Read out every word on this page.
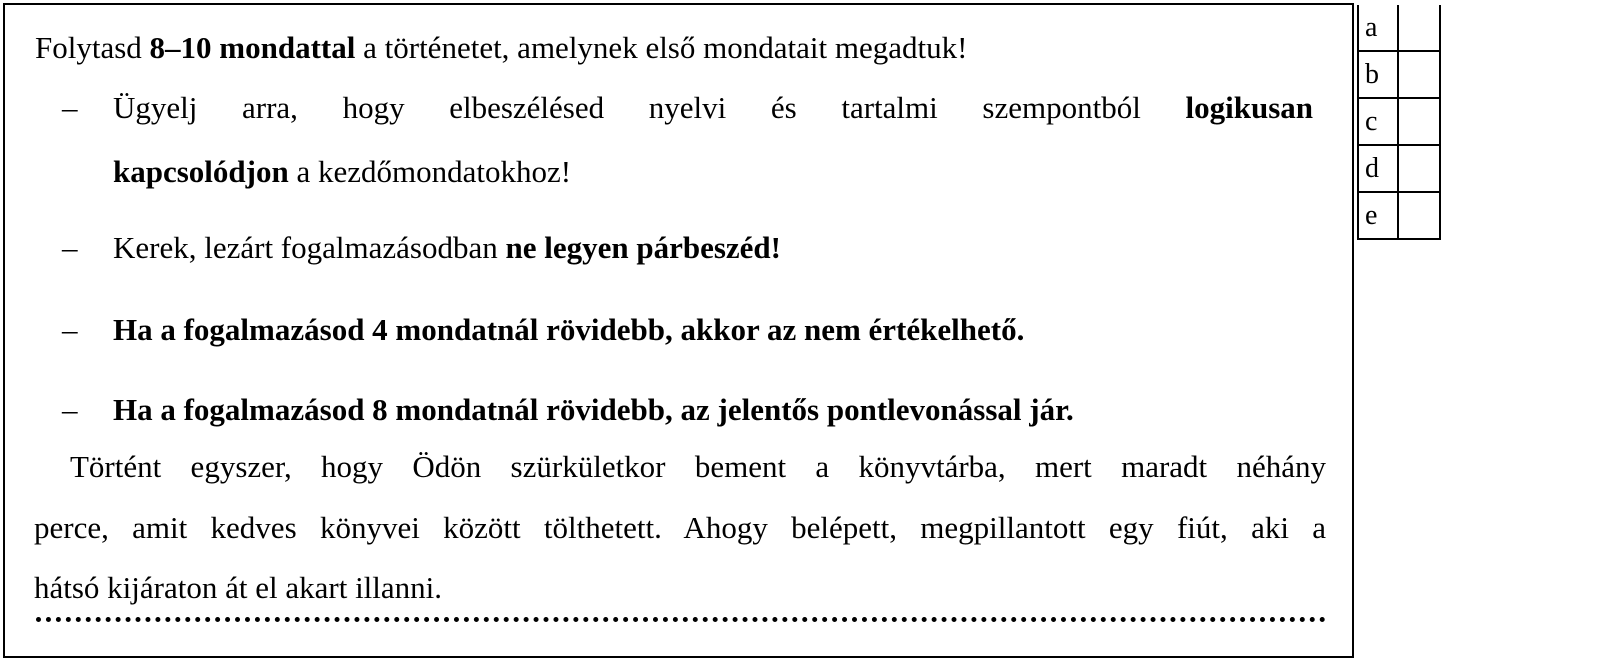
Folytasd 8–10 mondattal a történetet, amelynek első mondatait megadtuk!
– Ügyelj arra, hogy elbeszélésed nyelvi és tartalmi szempontból logikusan
kapcsolódjon a kezdőmondatokhoz!
– Kerek, lezárt fogalmazásodban ne legyen párbeszéd!
– Ha a fogalmazásod 4 mondatnál rövidebb, akkor az nem értékelhető.
– Ha a fogalmazásod 8 mondatnál rövidebb, az jelentős pontlevonással jár.
Történt egyszer, hogy Ödön szürkületkor bement a könyvtárba, mert maradt néhány
perce, amit kedves könyvei között tölthetett. Ahogy belépett, megpillantott egy fiút, aki a
hátsó kijáraton át el akart illanni.
a	
b	
c	
d	
e	
